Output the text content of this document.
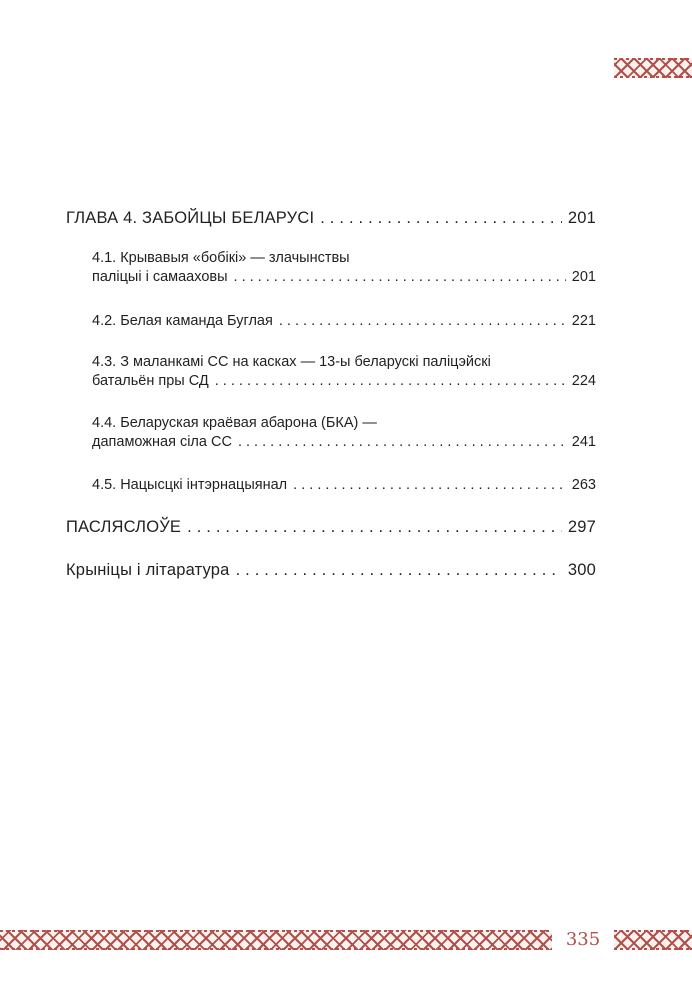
335
ГЛАВА 4. ЗАБОЙЦЫ БЕЛАРУСІ . . .	201
4.1. Крывавыя «бобікі» — злачынствы
паліцыі і самааховы . . .	201
4.2. Белая каманда Буглая . . .	221
4.3. З маланкамі СС на касках — 13-ы беларускі паліцэйскі
батальён пры СД . . .	224
4.4. Беларуская краёвая абарона (БКА) —
дапаможная сіла СС . . .	241
4.5. Нацысцкі інтэрнацыянал . . .	263
ПАСЛЯСЛОЎЕ . . .	297
Крыніцы і літаратура . . .	300
